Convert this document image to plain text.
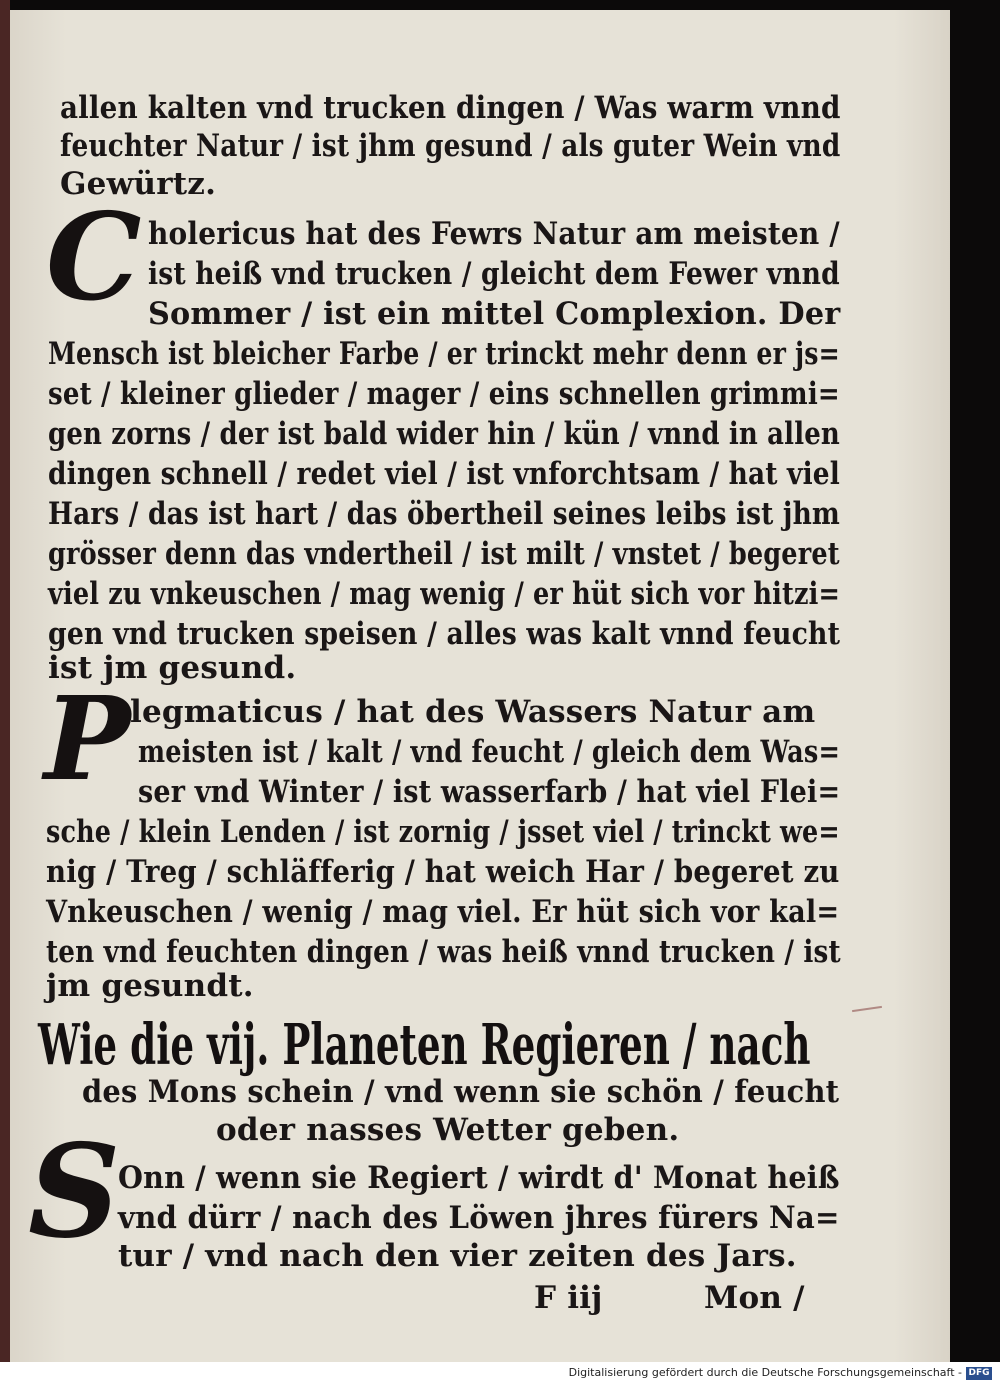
allen kalten vnd trucken dingen / Was warm vnnd
feuchter Natur / ist jhm gesund / als guter Wein vnd
Gewürtz.
C holericus hat des Fewrs Natur am meisten /
ist heiß vnd trucken / gleicht dem Fewer vnnd
Sommer / ist ein mittel Complexion. Der
Mensch ist bleicher Farbe / er trinckt mehr denn er js=
set / kleiner glieder / mager / eins schnellen grimmi=
gen zorns / der ist bald wider hin / kün / vnnd in allen
dingen schnell / redet viel / ist vnforchtsam / hat viel
Hars / das ist hart / das öbertheil seines leibs ist jhm
grösser denn das vndertheil / ist milt / vnstet / begeret
viel zu vnkeuschen / mag wenig / er hüt sich vor hitzi=
gen vnd trucken speisen / alles was kalt vnnd feucht
ist jm gesund.
P legmaticus / hat des Wassers Natur am
meisten ist / kalt / vnd feucht / gleich dem Was=
ser vnd Winter / ist wasserfarb / hat viel Flei=
sche / klein Lenden / ist zornig / jsset viel / trinckt we=
nig / Treg / schläfferig / hat weich Har / begeret zu
Vnkeuschen / wenig / mag viel. Er hüt sich vor kal=
ten vnd feuchten dingen / was heiß vnnd trucken / ist
jm gesundt.
Wie die vij. Planeten Regieren / nach
des Mons schein / vnd wenn sie schön / feucht
oder nasses Wetter geben.
S
Onn / wenn sie Regiert / wirdt d' Monat heiß
vnd dürr / nach des Löwen jhres fürers Na=
tur / vnd nach den vier zeiten des Jars.
F iij	Mon /
Digitalisierung gefördert durch die Deutsche Forschungsgemeinschaft - DFG
